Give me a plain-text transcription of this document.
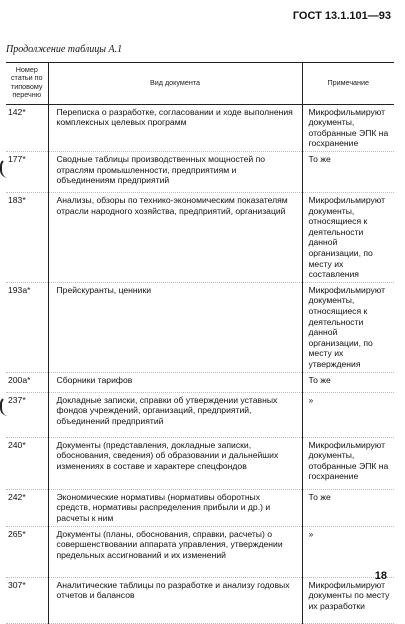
ГОСТ 13.1.101—93
Продолжение таблицы А.1
Номер статьи по типовому перечню	Вид документа	Примечание
142*	Переписка о разработке, согласовании и ходе выполнения комплексных целевых программ	Микрофильмируют документы, отобранные ЭПК на госхранение
177*	Сводные таблицы производственных мощностей по отраслям промышленности, предприятиям и объединениям предприятий	То же
183*	Анализы, обзоры по технико-экономическим показателям отрасли народного хозяйства, предприятий, организаций	Микрофильмируют документы, относящиеся к деятельности данной организации, по месту их составления
193а*	Прейскуранты, ценники	Микрофильмируют документы, относящиеся к деятельности данной организации, по месту их утверждения
200а*	Сборники тарифов	То же
237*	Докладные записки, справки об утверждении уставных фондов учреждений, организаций, предприятий, объединений предприятий	»
240*	Документы (представления, докладные записки, обоснования, сведения) об образовании и дальнейших изменениях в составе и характере спецфондов	Микрофильмируют документы, отобранные ЭПК на госхранение
242*	Экономические нормативы (нормативы оборотных средств, нормативы распределения прибыли и др.) и расчеты к ним	То же
265*	Документы (планы, обоснования, справки, расчеты) о совершенствовании аппарата управления, утверждении предельных ассигнований и их изменений	»
307*	Аналитические таблицы по разработке и анализу годовых отчетов и балансов	Микрофильмируют документы по месту их разработки
18
